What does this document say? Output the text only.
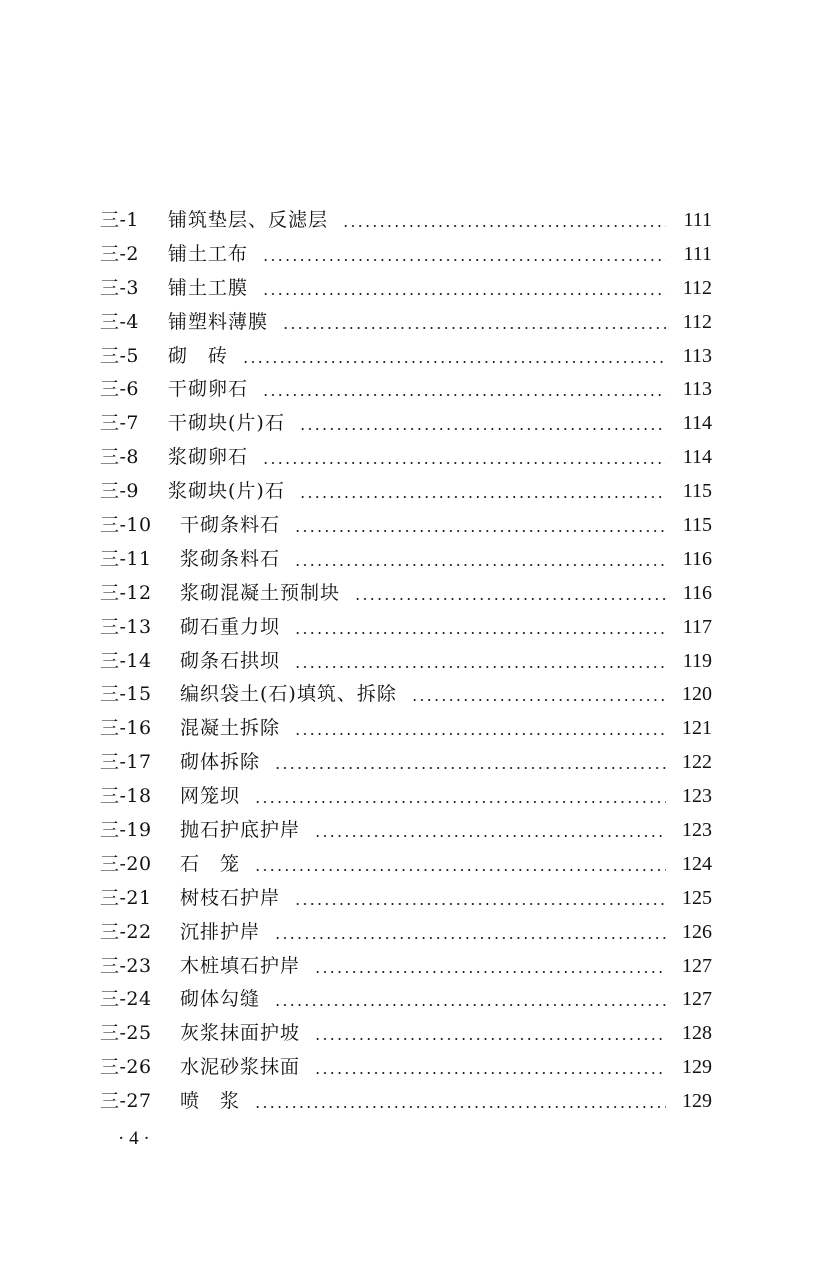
三-1	铺筑垫层、反滤层	111
三-2	铺土工布	111
三-3	铺土工膜	112
三-4	铺塑料薄膜	112
三-5	砌　砖	113
三-6	干砌卵石	113
三-7	干砌块(片)石	114
三-8	浆砌卵石	114
三-9	浆砌块(片)石	115
三-10	干砌条料石	115
三-11	浆砌条料石	116
三-12	浆砌混凝土预制块	116
三-13	砌石重力坝	117
三-14	砌条石拱坝	119
三-15	编织袋土(石)填筑、拆除	120
三-16	混凝土拆除	121
三-17	砌体拆除	122
三-18	网笼坝	123
三-19	抛石护底护岸	123
三-20	石　笼	124
三-21	树枝石护岸	125
三-22	沉排护岸	126
三-23	木桩填石护岸	127
三-24	砌体勾缝	127
三-25	灰浆抹面护坡	128
三-26	水泥砂浆抹面	129
三-27	喷　浆	129
· 4 ·
